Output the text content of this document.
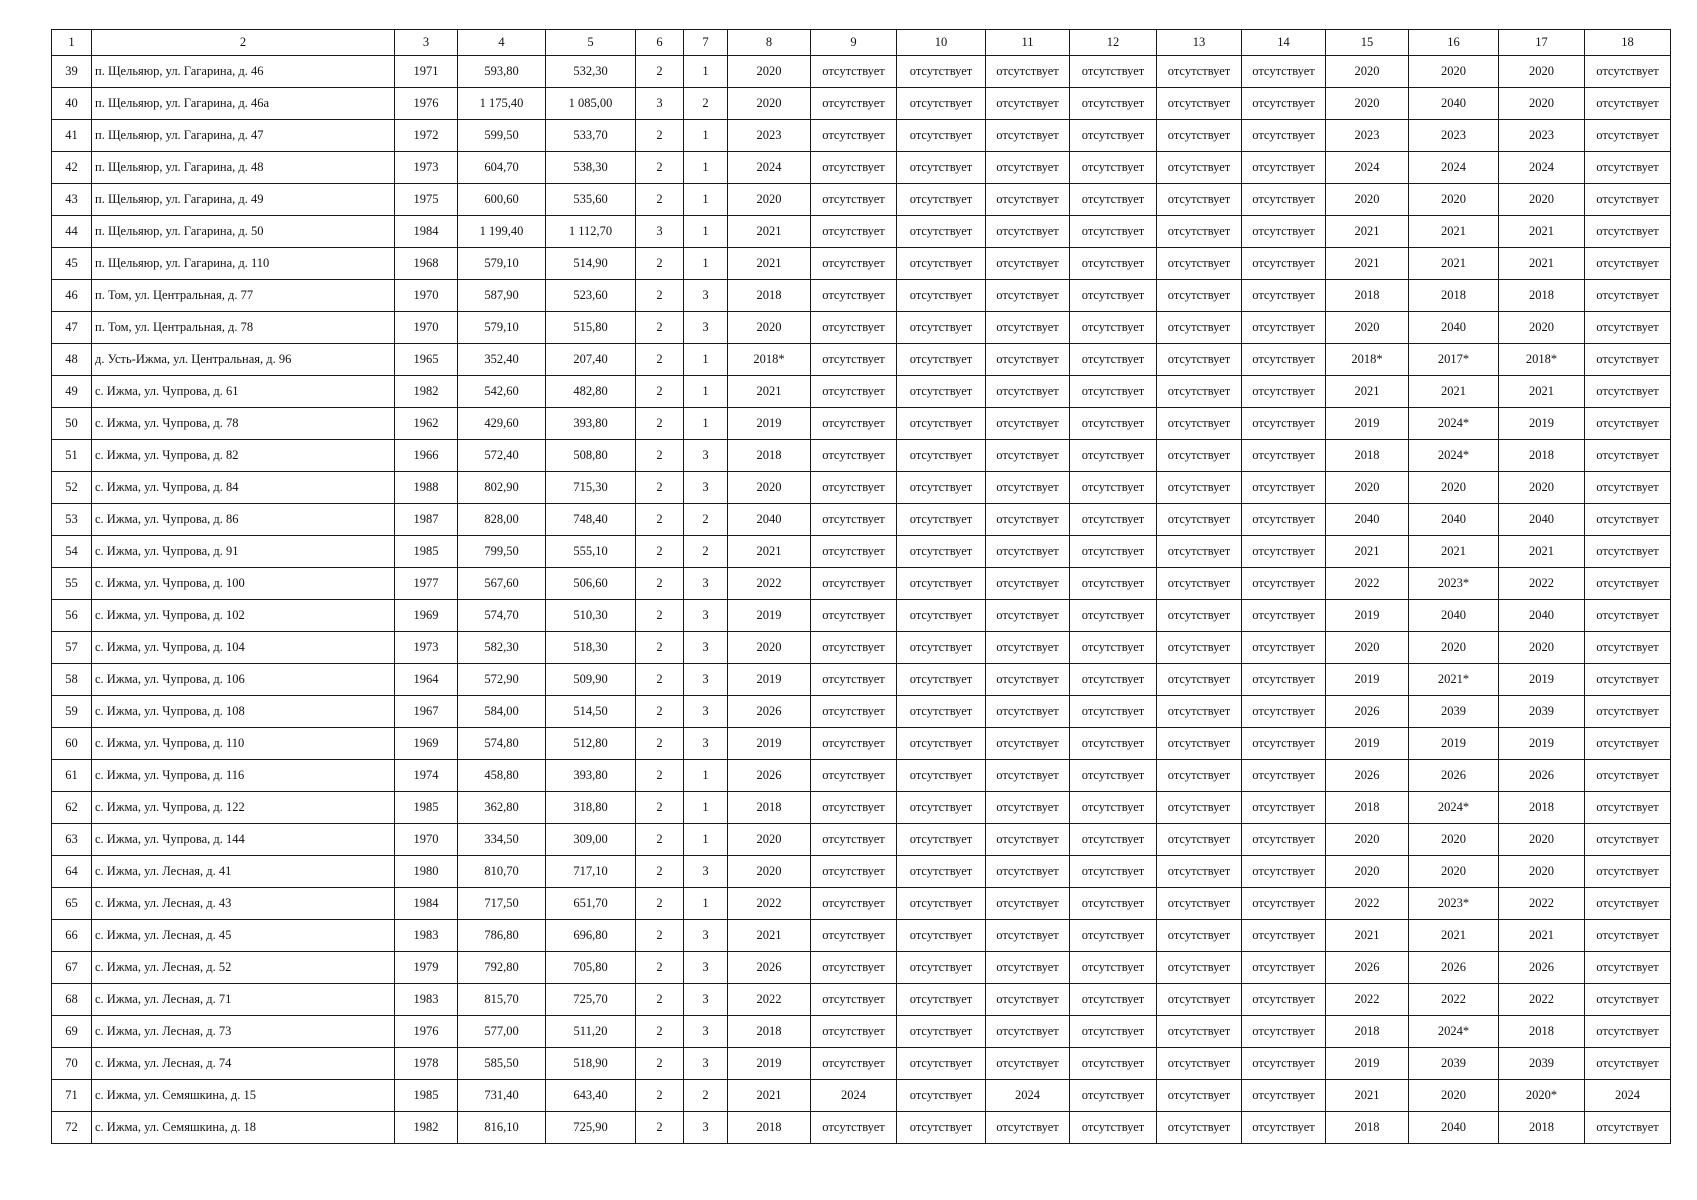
1	2	3	4	5	6	7	8	9	10	11	12	13	14	15	16	17	18
39	п. Щельяюр, ул. Гагарина, д. 46	1971	593,80	532,30	2	1	2020	отсутствует	отсутствует	отсутствует	отсутствует	отсутствует	отсутствует	2020	2020	2020	отсутствует
40	п. Щельяюр, ул. Гагарина, д. 46а	1976	1 175,40	1 085,00	3	2	2020	отсутствует	отсутствует	отсутствует	отсутствует	отсутствует	отсутствует	2020	2040	2020	отсутствует
41	п. Щельяюр, ул. Гагарина, д. 47	1972	599,50	533,70	2	1	2023	отсутствует	отсутствует	отсутствует	отсутствует	отсутствует	отсутствует	2023	2023	2023	отсутствует
42	п. Щельяюр, ул. Гагарина, д. 48	1973	604,70	538,30	2	1	2024	отсутствует	отсутствует	отсутствует	отсутствует	отсутствует	отсутствует	2024	2024	2024	отсутствует
43	п. Щельяюр, ул. Гагарина, д. 49	1975	600,60	535,60	2	1	2020	отсутствует	отсутствует	отсутствует	отсутствует	отсутствует	отсутствует	2020	2020	2020	отсутствует
44	п. Щельяюр, ул. Гагарина, д. 50	1984	1 199,40	1 112,70	3	1	2021	отсутствует	отсутствует	отсутствует	отсутствует	отсутствует	отсутствует	2021	2021	2021	отсутствует
45	п. Щельяюр, ул. Гагарина, д. 110	1968	579,10	514,90	2	1	2021	отсутствует	отсутствует	отсутствует	отсутствует	отсутствует	отсутствует	2021	2021	2021	отсутствует
46	п. Том, ул. Центральная, д. 77	1970	587,90	523,60	2	3	2018	отсутствует	отсутствует	отсутствует	отсутствует	отсутствует	отсутствует	2018	2018	2018	отсутствует
47	п. Том, ул. Центральная, д. 78	1970	579,10	515,80	2	3	2020	отсутствует	отсутствует	отсутствует	отсутствует	отсутствует	отсутствует	2020	2040	2020	отсутствует
48	д. Усть-Ижма, ул. Центральная, д. 96	1965	352,40	207,40	2	1	2018*	отсутствует	отсутствует	отсутствует	отсутствует	отсутствует	отсутствует	2018*	2017*	2018*	отсутствует
49	с. Ижма, ул. Чупрова, д. 61	1982	542,60	482,80	2	1	2021	отсутствует	отсутствует	отсутствует	отсутствует	отсутствует	отсутствует	2021	2021	2021	отсутствует
50	с. Ижма, ул. Чупрова, д. 78	1962	429,60	393,80	2	1	2019	отсутствует	отсутствует	отсутствует	отсутствует	отсутствует	отсутствует	2019	2024*	2019	отсутствует
51	с. Ижма, ул. Чупрова, д. 82	1966	572,40	508,80	2	3	2018	отсутствует	отсутствует	отсутствует	отсутствует	отсутствует	отсутствует	2018	2024*	2018	отсутствует
52	с. Ижма, ул. Чупрова, д. 84	1988	802,90	715,30	2	3	2020	отсутствует	отсутствует	отсутствует	отсутствует	отсутствует	отсутствует	2020	2020	2020	отсутствует
53	с. Ижма, ул. Чупрова, д. 86	1987	828,00	748,40	2	2	2040	отсутствует	отсутствует	отсутствует	отсутствует	отсутствует	отсутствует	2040	2040	2040	отсутствует
54	с. Ижма, ул. Чупрова, д. 91	1985	799,50	555,10	2	2	2021	отсутствует	отсутствует	отсутствует	отсутствует	отсутствует	отсутствует	2021	2021	2021	отсутствует
55	с. Ижма, ул. Чупрова, д. 100	1977	567,60	506,60	2	3	2022	отсутствует	отсутствует	отсутствует	отсутствует	отсутствует	отсутствует	2022	2023*	2022	отсутствует
56	с. Ижма, ул. Чупрова, д. 102	1969	574,70	510,30	2	3	2019	отсутствует	отсутствует	отсутствует	отсутствует	отсутствует	отсутствует	2019	2040	2040	отсутствует
57	с. Ижма, ул. Чупрова, д. 104	1973	582,30	518,30	2	3	2020	отсутствует	отсутствует	отсутствует	отсутствует	отсутствует	отсутствует	2020	2020	2020	отсутствует
58	с. Ижма, ул. Чупрова, д. 106	1964	572,90	509,90	2	3	2019	отсутствует	отсутствует	отсутствует	отсутствует	отсутствует	отсутствует	2019	2021*	2019	отсутствует
59	с. Ижма, ул. Чупрова, д. 108	1967	584,00	514,50	2	3	2026	отсутствует	отсутствует	отсутствует	отсутствует	отсутствует	отсутствует	2026	2039	2039	отсутствует
60	с. Ижма, ул. Чупрова, д. 110	1969	574,80	512,80	2	3	2019	отсутствует	отсутствует	отсутствует	отсутствует	отсутствует	отсутствует	2019	2019	2019	отсутствует
61	с. Ижма, ул. Чупрова, д. 116	1974	458,80	393,80	2	1	2026	отсутствует	отсутствует	отсутствует	отсутствует	отсутствует	отсутствует	2026	2026	2026	отсутствует
62	с. Ижма, ул. Чупрова, д. 122	1985	362,80	318,80	2	1	2018	отсутствует	отсутствует	отсутствует	отсутствует	отсутствует	отсутствует	2018	2024*	2018	отсутствует
63	с. Ижма, ул. Чупрова, д. 144	1970	334,50	309,00	2	1	2020	отсутствует	отсутствует	отсутствует	отсутствует	отсутствует	отсутствует	2020	2020	2020	отсутствует
64	с. Ижма, ул. Лесная, д. 41	1980	810,70	717,10	2	3	2020	отсутствует	отсутствует	отсутствует	отсутствует	отсутствует	отсутствует	2020	2020	2020	отсутствует
65	с. Ижма, ул. Лесная, д. 43	1984	717,50	651,70	2	1	2022	отсутствует	отсутствует	отсутствует	отсутствует	отсутствует	отсутствует	2022	2023*	2022	отсутствует
66	с. Ижма, ул. Лесная, д. 45	1983	786,80	696,80	2	3	2021	отсутствует	отсутствует	отсутствует	отсутствует	отсутствует	отсутствует	2021	2021	2021	отсутствует
67	с. Ижма, ул. Лесная, д. 52	1979	792,80	705,80	2	3	2026	отсутствует	отсутствует	отсутствует	отсутствует	отсутствует	отсутствует	2026	2026	2026	отсутствует
68	с. Ижма, ул. Лесная, д. 71	1983	815,70	725,70	2	3	2022	отсутствует	отсутствует	отсутствует	отсутствует	отсутствует	отсутствует	2022	2022	2022	отсутствует
69	с. Ижма, ул. Лесная, д. 73	1976	577,00	511,20	2	3	2018	отсутствует	отсутствует	отсутствует	отсутствует	отсутствует	отсутствует	2018	2024*	2018	отсутствует
70	с. Ижма, ул. Лесная, д. 74	1978	585,50	518,90	2	3	2019	отсутствует	отсутствует	отсутствует	отсутствует	отсутствует	отсутствует	2019	2039	2039	отсутствует
71	с. Ижма, ул. Семяшкина, д. 15	1985	731,40	643,40	2	2	2021	2024	отсутствует	2024	отсутствует	отсутствует	отсутствует	2021	2020	2020*	2024
72	с. Ижма, ул. Семяшкина, д. 18	1982	816,10	725,90	2	3	2018	отсутствует	отсутствует	отсутствует	отсутствует	отсутствует	отсутствует	2018	2040	2018	отсутствует
